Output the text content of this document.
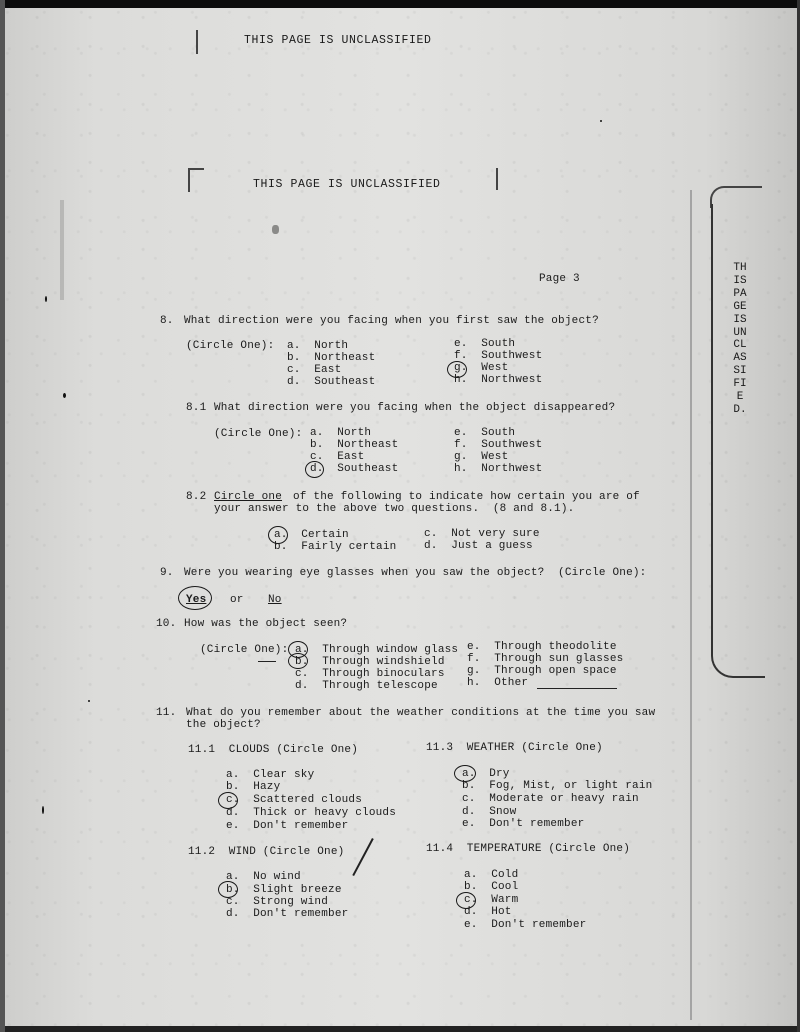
THIS PAGE IS UNCLASSIFIED
THIS PAGE IS UNCLASSIFIED
Page 3
THIS PAGE IS UNCLASSIFIED.
8. What direction were you facing when you first saw the object?
(Circle One): a.  North
b.  Northeast
c.  East
d.  Southeast
e.  South
f.  Southwest
g.  West
h.  Northwest
8.1 What direction were you facing when the object disappeared?
(Circle One): a.  North
b.  Northeast
c.  East
d.  Southeast
e.  South
f.  Southwest
g.  West
h.  Northwest
8.2 Circle one of the following to indicate how certain you are of
your answer to the above two questions.  (8 and 8.1).
a.  Certain
b.  Fairly certain
c.  Not very sure
d.  Just a guess
9. Were you wearing eye glasses when you saw the object?  (Circle One):
Yes or No
10. How was the object seen?
(Circle One): a.  Through window glass
b.  Through windshield
c.  Through binoculars
d.  Through telescope
e.  Through theodolite
f.  Through sun glasses
g.  Through open space
h.  Other
11. What do you remember about the weather conditions at the time you saw
the object?
11.1  CLOUDS (Circle One)
a.  Clear sky
b.  Hazy
c.  Scattered clouds
d.  Thick or heavy clouds
e.  Don't remember
11.3  WEATHER (Circle One)
a.  Dry
b.  Fog, Mist, or light rain
c.  Moderate or heavy rain
d.  Snow
e.  Don't remember
11.2  WIND (Circle One)
a.  No wind
b.  Slight breeze
c.  Strong wind
d.  Don't remember
11.4  TEMPERATURE (Circle One)
a.  Cold
b.  Cool
c.  Warm
d.  Hot
e.  Don't remember
